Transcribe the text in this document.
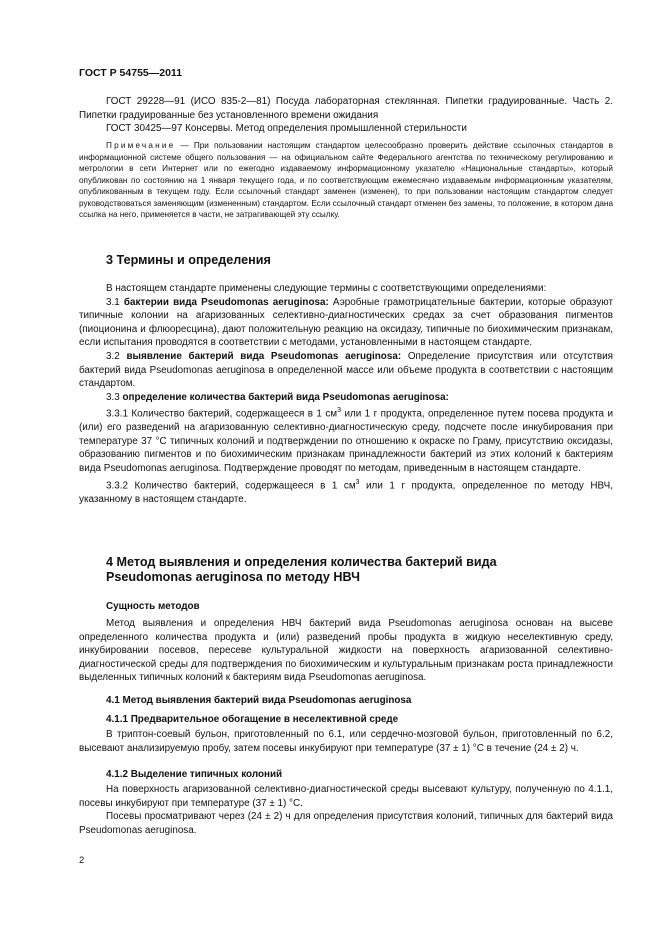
ГОСТ Р 54755—2011

ГОСТ 29228—91 (ИСО 835-2—81) Посуда лабораторная стеклянная. Пипетки градуированные. Часть 2. Пипетки градуированные без установленного времени ожидания

ГОСТ 30425—97 Консервы. Метод определения промышленной стерильности

Примечание — При пользовании настоящим стандартом целесообразно проверить действие ссылочных стандартов в информационной системе общего пользования — на официальном сайте Федерального агентства по техническому регулированию и метрологии в сети Интернет или по ежегодно издаваемому информационному указателю «Национальные стандарты», который опубликован по состоянию на 1 января текущего года, и по соответствующим ежемесячно издаваемым информационным указателям, опубликованным в текущем году. Если ссылочный стандарт заменен (изменен), то при пользовании настоящим стандартом следует руководствоваться заменяющим (измененным) стандартом. Если ссылочный стандарт отменен без замены, то положение, в котором дана ссылка на него, применяется в части, не затрагивающей эту ссылку.

3 Термины и определения

В настоящем стандарте применены следующие термины с соответствующими определениями:

3.1 бактерии вида Pseudomonas aeruginosa: Аэробные грамотрицательные бактерии, которые образуют типичные колонии на агаризованных селективно-диагностических средах за счет образования пигментов (пиоционина и флюоресцина), дают положительную реакцию на оксидазу, типичные по биохимическим признакам, если испытания проводятся в соответствии с методами, установленными в настоящем стандарте.

3.2 выявление бактерий вида Pseudomonas aeruginosa: Определение присутствия или отсутствия бактерий вида Pseudomonas aeruginosa в определенной массе или объеме продукта в соответствии с настоящим стандартом.

3.3 определение количества бактерий вида Pseudomonas aeruginosa:

3.3.1 Количество бактерий, содержащееся в 1 $см^3$ или 1 г продукта, определенное путем посева продукта и (или) его разведений на агаризованную селективно-диагностическую среду, подсчете после инкубирования при температуре 37 °С типичных колоний и подтверждении по отношению к окраске по Граму, присутствию оксидазы, образованию пигментов и по биохимическим признакам принадлежности бактерий из этих колоний к бактериям вида Pseudomonas aeruginosa. Подтверждение проводят по методам, приведенным в настоящем стандарте.

3.3.2 Количество бактерий, содержащееся в 1 $см^3$ или 1 г продукта, определенное по методу НВЧ, указанному в настоящем стандарте.

4 Метод выявления и определения количества бактерий вида Pseudomonas aeruginosa по методу НВЧ
Сущность методов

Метод выявления и определения НВЧ бактерий вида Pseudomonas aeruginosa основан на высеве определенного количества продукта и (или) разведений пробы продукта в жидкую неселективную среду, инкубировании посевов, пересеве культуральной жидкости на поверхность агаризованной селективно-диагностической среды для подтверждения по биохимическим и культуральным признакам роста принадлежности выделенных типичных колоний к бактериям вида Pseudomonas aeruginosa.

4.1 Метод выявления бактерий вида Pseudomonas aeruginosa
4.1.1 Предварительное обогащение в неселективной среде

В триптон-соевый бульон, приготовленный по 6.1, или сердечно-мозговой бульон, приготовленный по 6.2, высевают анализируемую пробу, затем посевы инкубируют при температуре (37 ± 1) °С в течение (24 ± 2) ч.

4.1.2 Выделение типичных колоний

На поверхность агаризованной селективно-диагностической среды высевают культуру, полученную по 4.1.1, посевы инкубируют при температуре (37 ± 1) °С.

Посевы просматривают через (24 ± 2) ч для определения присутствия колоний, типичных для бактерий вида Pseudomonas aeruginosa.

2
